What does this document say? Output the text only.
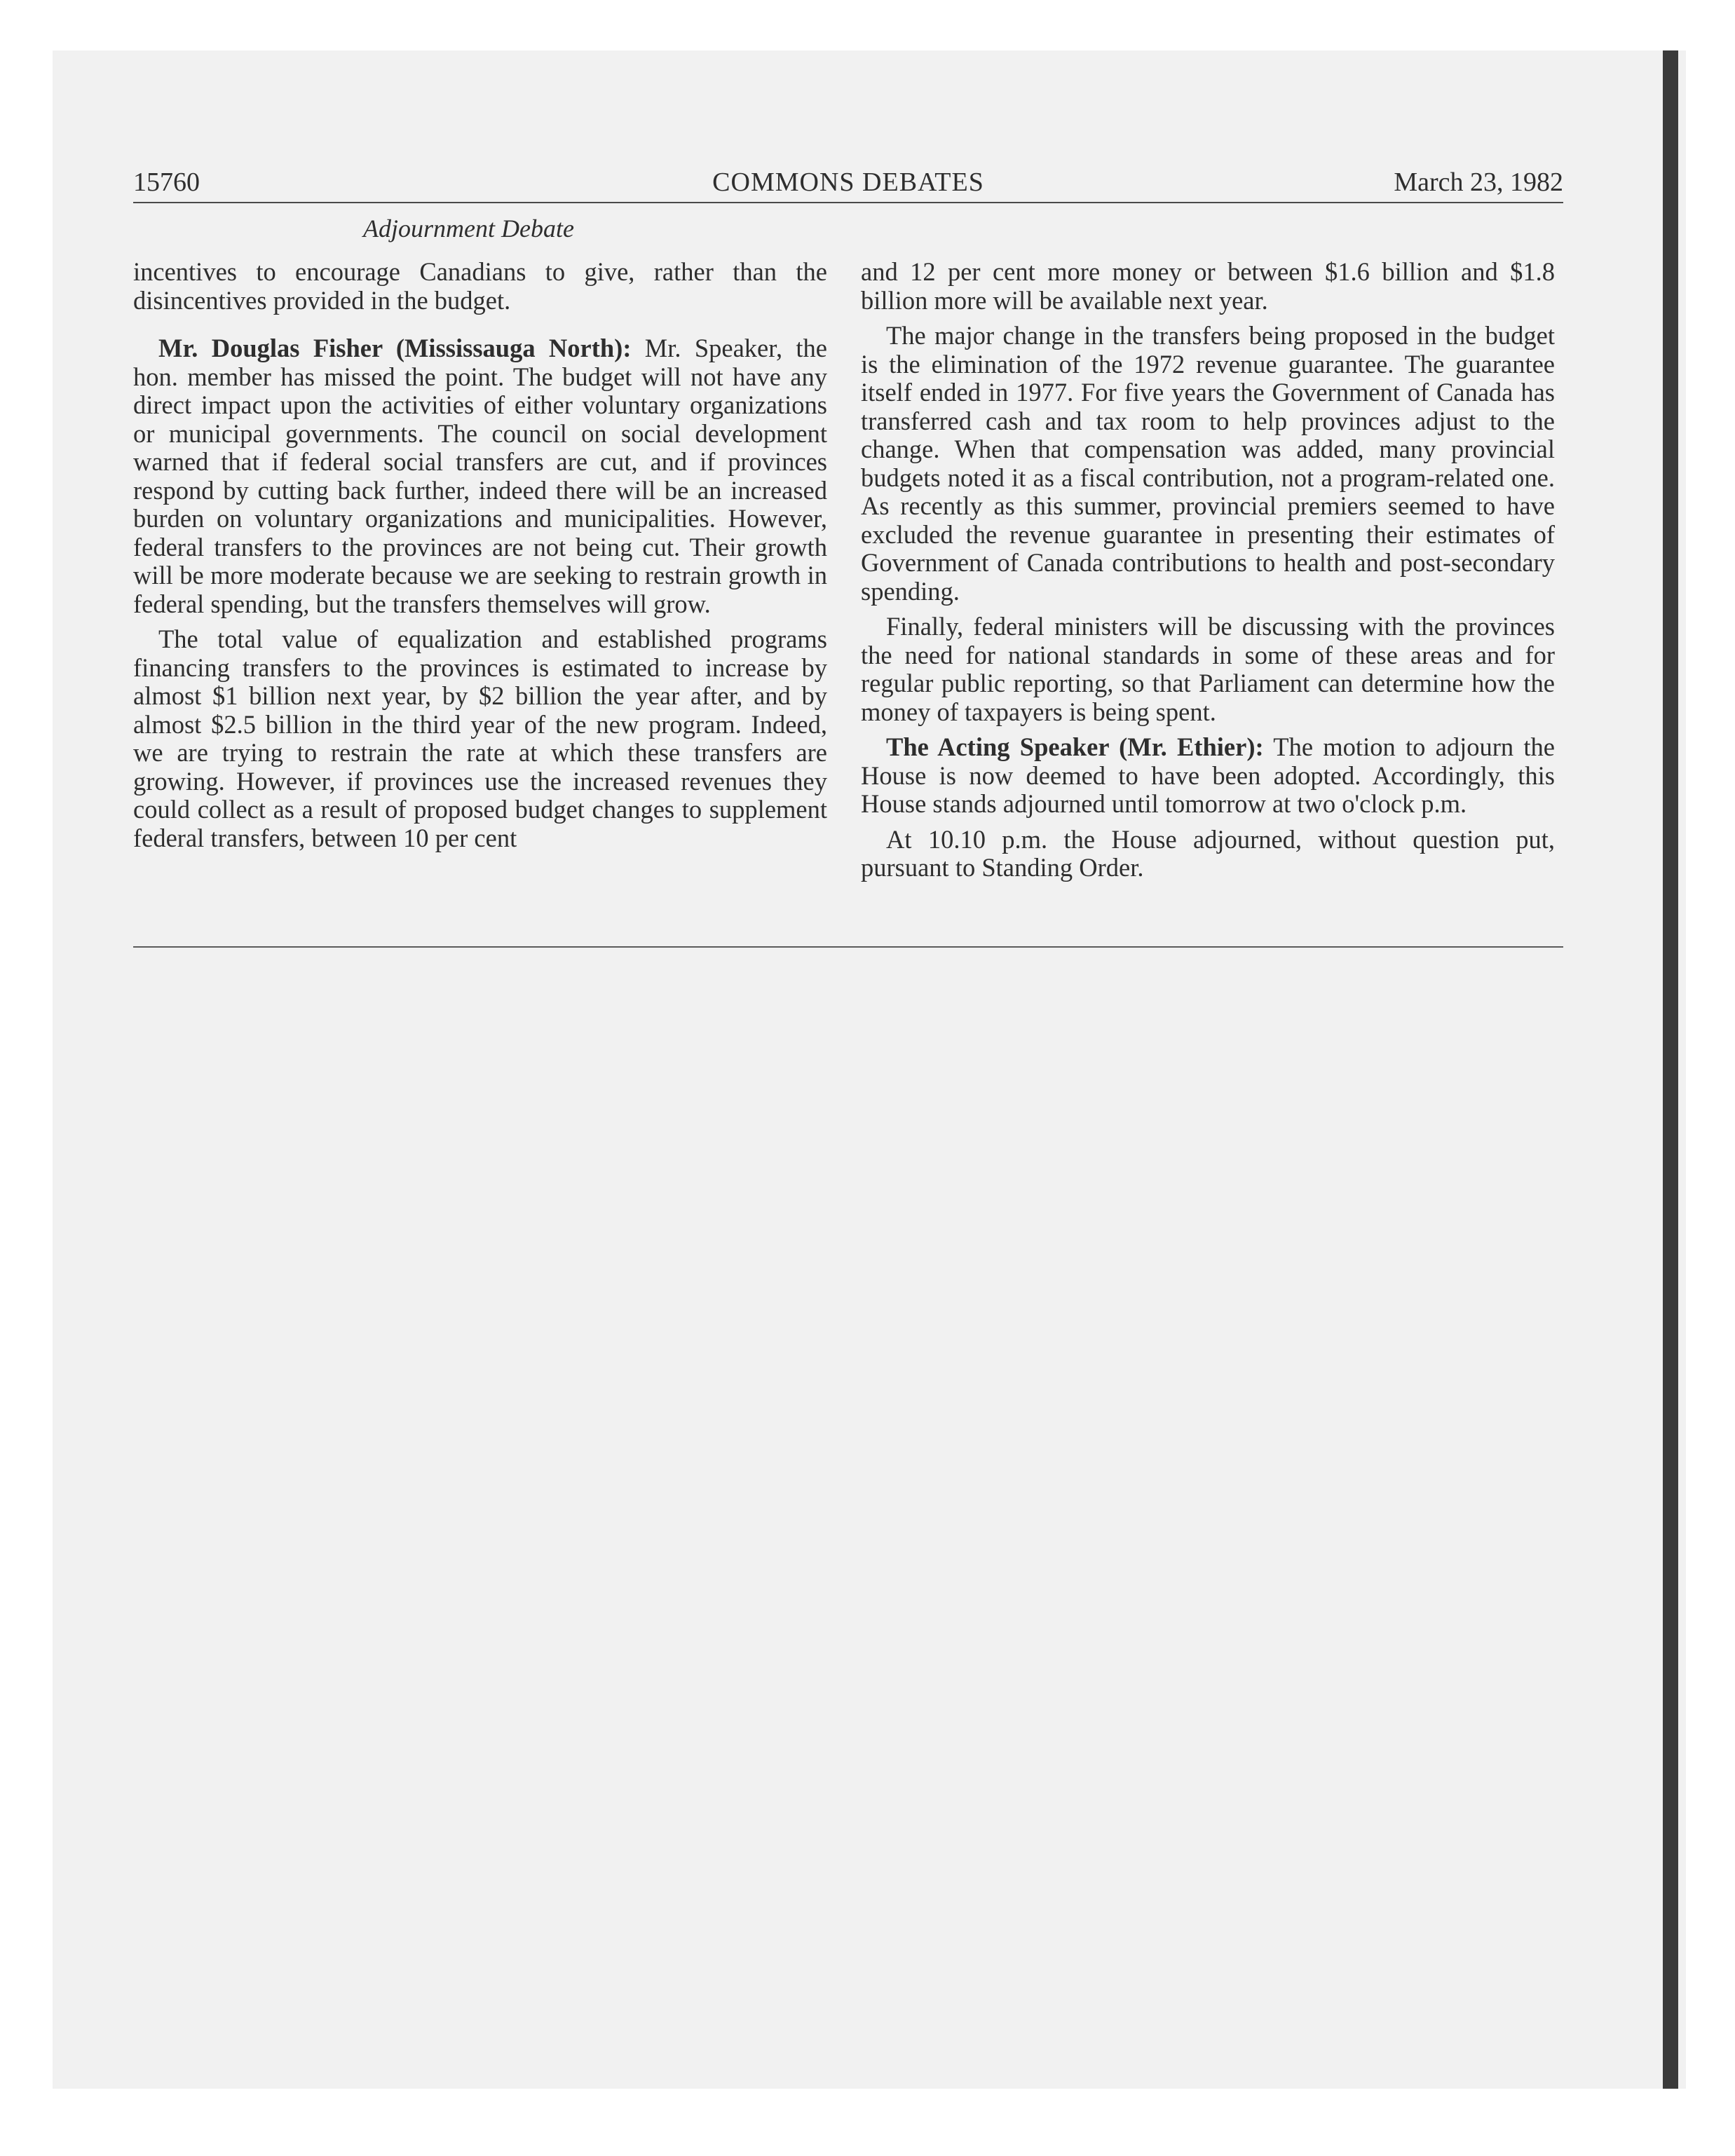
15760	COMMONS DEBATES	March 23, 1982
Adjournment Debate

incentives to encourage Canadians to give, rather than the disincentives provided in the budget.

Mr. Douglas Fisher (Mississauga North): Mr. Speaker, the hon. member has missed the point. The budget will not have any direct impact upon the activities of either voluntary organizations or municipal governments. The council on social development warned that if federal social transfers are cut, and if provinces respond by cutting back further, indeed there will be an increased burden on voluntary organizations and municipalities. However, federal transfers to the provinces are not being cut. Their growth will be more moderate because we are seeking to restrain growth in federal spending, but the transfers themselves will grow.

The total value of equalization and established programs financing transfers to the provinces is estimated to increase by almost $1 billion next year, by $2 billion the year after, and by almost $2.5 billion in the third year of the new program. Indeed, we are trying to restrain the rate at which these transfers are growing. However, if provinces use the increased revenues they could collect as a result of proposed budget changes to supplement federal transfers, between 10 per cent

and 12 per cent more money or between $1.6 billion and $1.8 billion more will be available next year.

The major change in the transfers being proposed in the budget is the elimination of the 1972 revenue guarantee. The guarantee itself ended in 1977. For five years the Government of Canada has transferred cash and tax room to help provinces adjust to the change. When that compensation was added, many provincial budgets noted it as a fiscal contribution, not a program-related one. As recently as this summer, provincial premiers seemed to have excluded the revenue guarantee in presenting their estimates of Government of Canada contributions to health and post-secondary spending.

Finally, federal ministers will be discussing with the provinces the need for national standards in some of these areas and for regular public reporting, so that Parliament can determine how the money of taxpayers is being spent.

The Acting Speaker (Mr. Ethier): The motion to adjourn the House is now deemed to have been adopted. Accordingly, this House stands adjourned until tomorrow at two o'clock p.m.

At 10.10 p.m. the House adjourned, without question put, pursuant to Standing Order.
